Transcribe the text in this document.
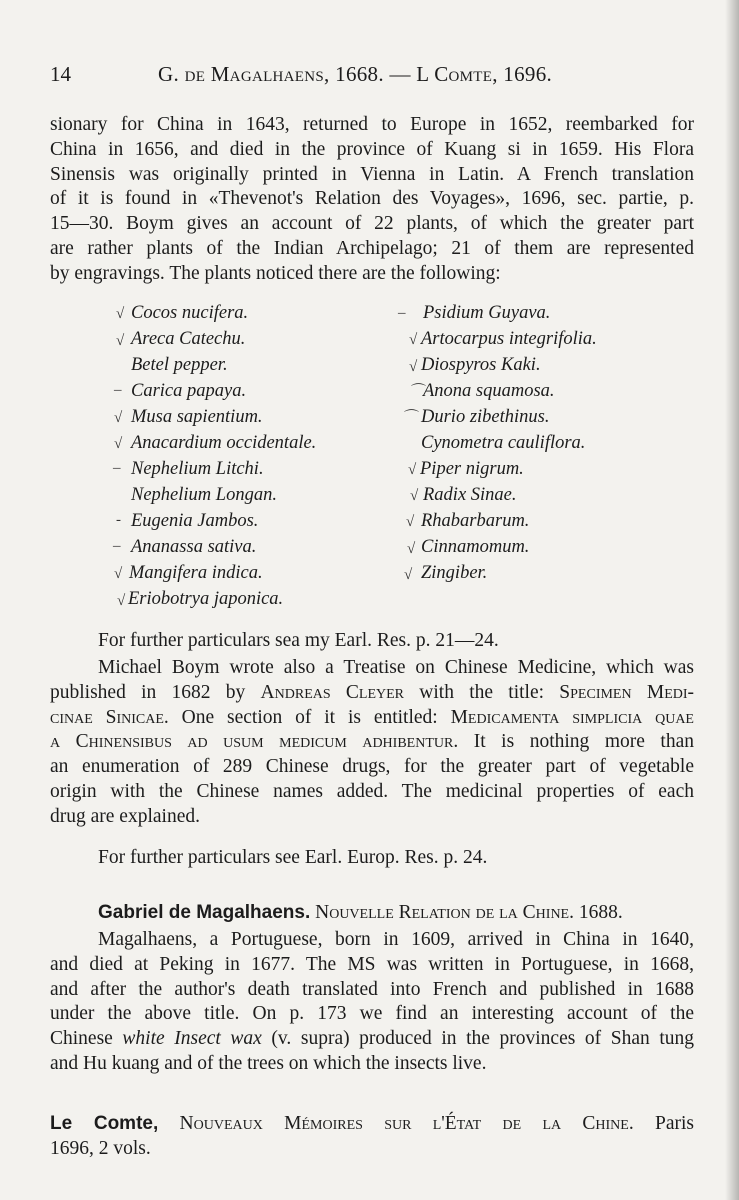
14	G. de Magalhaens, 1668. — L Comte, 1696.
sionary for China in 1643, returned to Europe in 1652, reembarked for
China in 1656, and died in the province of Kuang si in 1659. His Flora
Sinensis was originally printed in Vienna in Latin. A French translation
of it is found in «Thevenot's Relation des Voyages», 1696, sec. partie, p.
15—30. Boym gives an account of 22 plants, of which the greater part
are rather plants of the Indian Archipelago; 21 of them are represented
by engravings. The plants noticed there are the following:
√ Cocos nucifera.
√ Areca Catechu.
Betel pepper.
– Carica papaya.
√ Musa sapientium.
√ Anacardium occidentale.
– Nephelium Litchi.
Nephelium Longan.
- Eugenia Jambos.
– Ananassa sativa.
√ Mangifera indica.
√ Eriobotrya japonica.
– Psidium Guyava.
√ Artocarpus integrifolia.
√ Diospyros Kaki.
⌒
Anona squamosa.
⌒ Durio zibethinus.
Cynometra cauliflora.
√ Piper nigrum.
√ Radix Sinae.
√ Rhabarbarum.
√ Cinnamomum.
√ Zingiber.
For further particulars sea my Earl. Res. p. 21—24.
Michael Boym wrote also a Treatise on Chinese Medicine, which was
published in 1682 by Andreas Cleyer with the title: Specimen Medi-
cinae Sinicae. One section of it is entitled: Medicamenta simplicia quae
a Chinensibus ad usum medicum adhibentur. It is nothing more than
an enumeration of 289 Chinese drugs, for the greater part of vegetable
origin with the Chinese names added. The medicinal properties of each
drug are explained.
For further particulars see Earl. Europ. Res. p. 24.
Gabriel de Magalhaens. Nouvelle Relation de la Chine. 1688.
Magalhaens, a Portuguese, born in 1609, arrived in China in 1640,
and died at Peking in 1677. The MS was written in Portuguese, in 1668,
and after the author's death translated into French and published in 1688
under the above title. On p. 173 we find an interesting account of the
Chinese white Insect wax (v. supra) produced in the provinces of Shan tung
and Hu kuang and of the trees on which the insects live.
Le Comte, Nouveaux Mémoires sur l'État de la Chine. Paris
1696, 2 vols.
